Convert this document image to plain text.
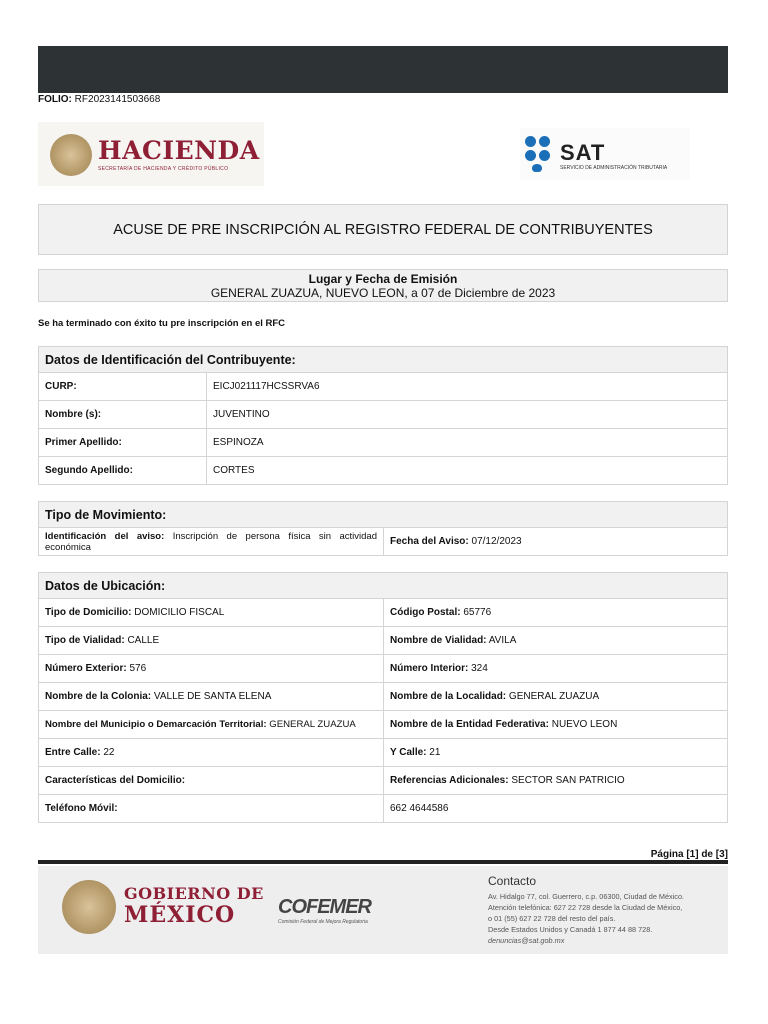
FOLIO: RF2023141503668
HACIENDA
SECRETARÍA DE HACIENDA Y CRÉDITO PÚBLICO
SAT
SERVICIO DE ADMINISTRACIÓN TRIBUTARIA
ACUSE DE PRE INSCRIPCIÓN AL REGISTRO FEDERAL DE CONTRIBUYENTES
Lugar y Fecha de Emisión
GENERAL ZUAZUA, NUEVO LEON, a 07 de Diciembre de 2023
Se ha terminado con éxito tu pre inscripción en el RFC
Datos de Identificación del Contribuyente:	
CURP:	EICJ021117HCSSRVA6
Nombre (s):	JUVENTINO
Primer Apellido:	ESPINOZA
Segundo Apellido:	CORTES
Tipo de Movimiento:
Identificación del aviso: Inscripción de persona física sin actividad económica	Fecha del Aviso: 07/12/2023
Datos de Ubicación:	
Tipo de Domicilio: DOMICILIO FISCAL	Código Postal: 65776
Tipo de Vialidad: CALLE	Nombre de Vialidad: AVILA
Número Exterior: 576	Número Interior: 324
Nombre de la Colonia: VALLE DE SANTA ELENA	Nombre de la Localidad: GENERAL ZUAZUA
Nombre del Municipio o Demarcación Territorial: GENERAL ZUAZUA	Nombre de la Entidad Federativa: NUEVO LEON
Entre Calle: 22	Y Calle: 21
Características del Domicilio:	Referencias Adicionales: SECTOR SAN PATRICIO
Teléfono Móvil:	662 4644586
Página [1] de [3]
GOBIERNO DE
MÉXICO COFEMER
Comisión Federal de Mejora Regulatoria
Contacto
Av. Hidalgo 77, col. Guerrero, c.p. 06300, Ciudad de México.
Atención telefónica: 627 22 728 desde la Ciudad de México,
o 01 (55) 627 22 728 del resto del país.
Desde Estados Unidos y Canadá 1 877 44 88 728.
denuncias@sat.gob.mx
